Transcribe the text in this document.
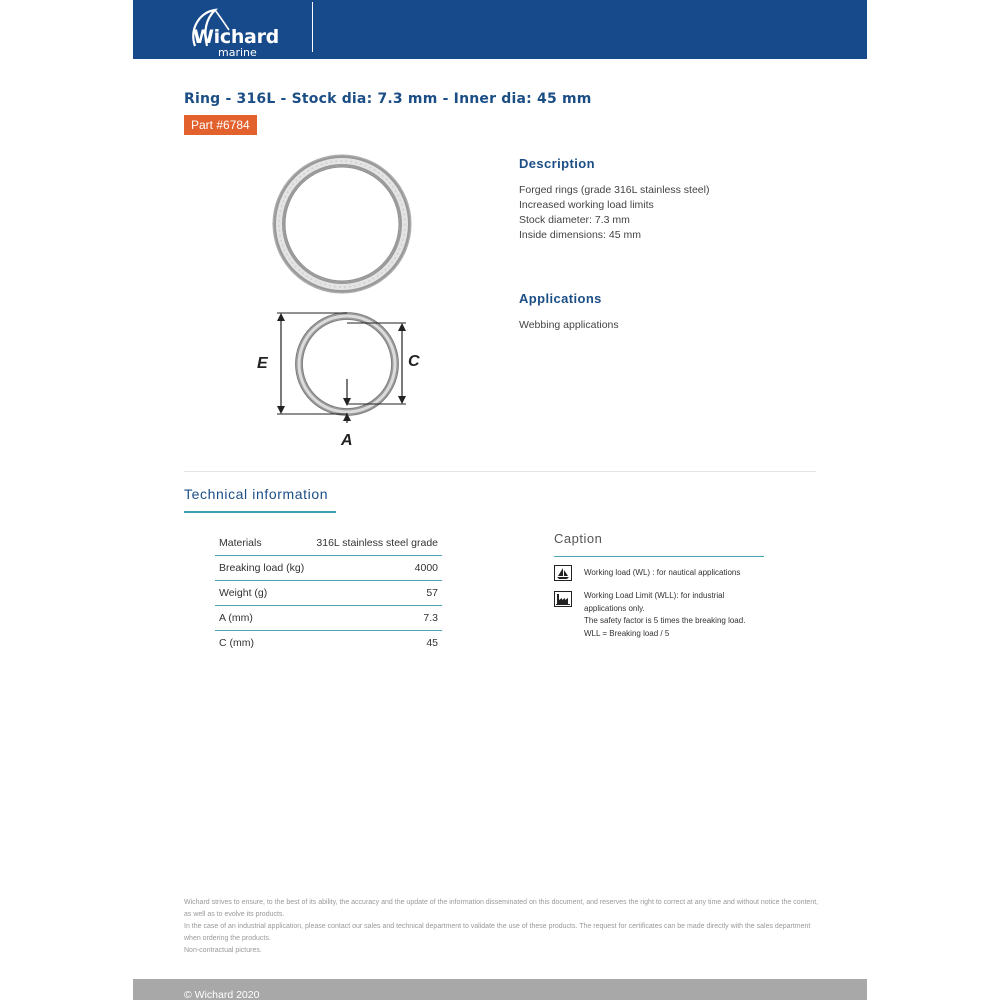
Wichard
marine
Ring - 316L - Stock dia: 7.3 mm - Inner dia: 45 mm
Part #6784
E	C
A
Description
Forged rings (grade 316L stainless steel)
Increased working load limits
Stock diameter: 7.3 mm
Inside dimensions: 45 mm
Applications
Webbing applications
Technical information
Materials	316L stainless steel grade
Breaking load (kg)	4000
Weight (g)	57
A (mm)	7.3
C (mm)	45
Caption
Working load (WL) : for nautical applications
Working Load Limit (WLL): for industrial
applications only.
The safety factor is 5 times the breaking load.
WLL = Breaking load / 5

Wichard strives to ensure, to the best of its ability, the accuracy and the update of the information disseminated on this document, and reserves the right to correct at any time and without notice the content, as well as to evolve its products.

In the case of an industrial application, please contact our sales and technical department to validate the use of these products. The request for certificates can be made directly with the sales department when ordering the products.

Non-contractual pictures.

© Wichard 2020
